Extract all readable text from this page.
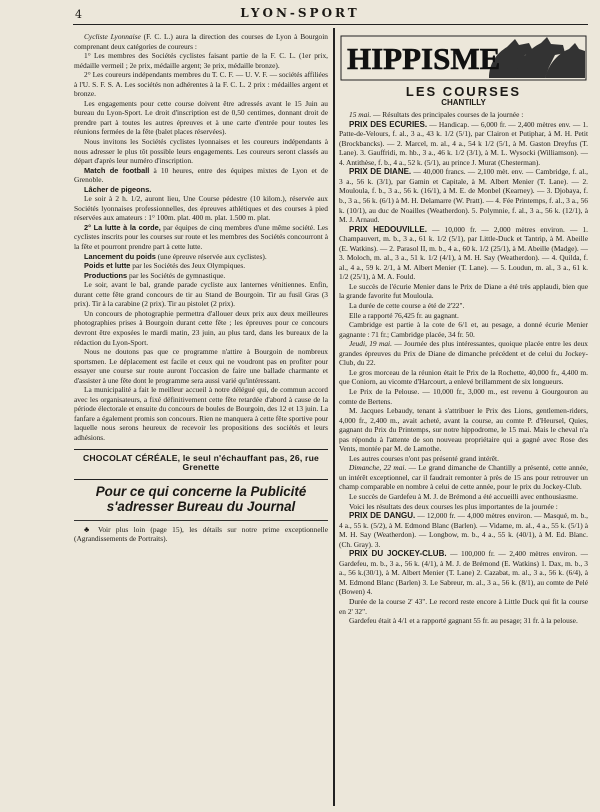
4	LYON-SPORT

Cycliste Lyonnaise (F. C. L.) aura la direction des courses de Lyon à Bourgoin comprenant deux catégories de coureurs :

1° Les membres des Sociétés cyclistes faisant partie de la F. C. L. (1er prix, médaille vermeil ; 2e prix, médaille argent; 3e prix, médaille bronze).

2° Les coureurs indépendants membres du T. C. F. — U. V. F. — sociétés affiliées à l'U. S. F. S. A. Les sociétés non adhérentes à la F. C. L. 2 prix : médailles argent et bronze.

Les engagements pour cette course doivent être adressés avant le 15 Juin au bureau du Lyon-Sport. Le droit d'inscription est de 0,50 centimes, donnant droit de prendre part à toutes les autres épreuves et à une carte d'entrée pour toutes les réunions fermées de la fête (balet places réservées).

Nous invitons les Sociétés cyclistes lyonnaises et les coureurs indépendants à nous adresser le plus tôt possible leurs engagements. Les coureurs seront classés au départ d'après leur numéro d'inscription.

Match de football à 10 heures, entre des équipes mixtes de Lyon et de Grenoble.

Lâcher de pigeons.

Le soir à 2 h. 1/2, auront lieu, Une Course pédestre (10 kilom.), réservée aux Sociétés lyonnaises professionnelles, des épreuves athlétiques et des courses à pied réservées aux amateurs : 1° 100m. plat. 400 m. plat. 1.500 m. plat.

2° La lutte à la corde, par équipes de cinq membres d'une même société. Les cyclistes inscrits pour les courses sur route et les membres des Sociétés concourront à la fête et pourront prendre part à cette lutte.

Lancement du poids (une épreuve réservée aux cyclistes).

Poids et lutte par les Sociétés des Jeux Olympiques.

Productions par les Sociétés de gymnastique.

Le soir, avant le bal, grande parade cycliste aux lanternes vénitiennes. Enfin, durant cette fête grand concours de tir au Stand de Bourgoin. Tir au fusil Gras (3 prix). Tir à la carabine (2 prix). Tir au pistolet (2 prix).

Un concours de photographie permettra d'allouer deux prix aux deux meilleures photographies prises à Bourgoin durant cette fête ; les épreuves pour ce concours devront être exposées le mardi matin, 23 juin, au plus tard, dans les bureaux de la rédaction du Lyon-Sport.

Nous ne doutons pas que ce programme n'attire à Bourgoin de nombreux sportsmen. Le déplacement est facile et ceux qui ne voudront pas en profiter pour essayer une course sur route auront l'occasion de faire une ballade charmante et d'assister à une fête dont le programme sera aussi varié qu'intéressant.

La municipalité a fait le meilleur accueil à notre délégué qui, de commun accord avec les organisateurs, a fixé définitivement cette fête retardée d'abord à cause de la période électorale et ensuite du concours de boules de Bourgoin, des 12 et 13 juin. La fanfare a également promis son concours. Rien ne manquera à cette fête sportive pour laquelle nous serons heureux de recevoir les propositions des sociétés et leurs adhésions.

CHOCOLAT CÉRÉALE, le seul n'échauffant pas, 26, rue Grenette
Pour ce qui concerne la Publicité
s'adresser Bureau du Journal

♣ Voir plus loin (page 15), les détails sur notre prime exceptionnelle (Agrandissements de Portraits).

HIPPISME
LES COURSES
CHANTILLY

15 mai. — Résultats des principales courses de la journée :

PRIX DES ECURIES. — Handicap. — 6,000 fr. — 2,400 mètres env. — 1. Patte-de-Velours, f. al., 3 a., 43 k. 1/2 (5/1), par Clairon et Putiphar, à M. H. Petit (Brockbancks). — 2. Marcel, m. al., 4 a., 54 k 1/2 (5/1, à M. Gaston Dreyfus (T. Lane). 3. Gauffridi, m. hb., 3 a., 46 k. 1/2 (3/1), à M. L. Wysocki (Williamson). — 4. Antithèse, f. b., 4 a., 52 k. (5/1), au prince J. Murat (Chesterman).

PRIX DE DIANE. — 40,000 francs. — 2,100 mèt. env. — Cambridge, f. al., 3 a., 56 k. (3/1), par Gamin et Capitale, à M. Albert Menier (T. Lane). — 2. Mouloula, f. b., 3 a., 56 k. (16/1), à M. E. de Monbel (Kearney). — 3. Djobaya, f. b., 3 a., 56 k. (6/1) à M. H. Delamarre (W. Pratt). — 4. Fée Printemps, f. al., 3 a., 56 k. (10/1), au duc de Noailles (Weatherdon). 5. Polymnie, f. al., 3 a., 56 k. (12/1), à M. J. Arnaud.

PRIX HEDOUVILLE. — 10,000 fr. — 2,000 mètres environ. — 1. Champauvert, m. b., 3 a., 61 k. 1/2 (5/1), par Little-Duck et Tantrip, à M. Abeille (E. Watkins). — 2. Parasol II, m. b., 4 a., 60 k. 1/2 (25/1), à M. Abeille (Madge). — 3. Moloch, m. al., 3 a., 51 k. 1/2 (4/1), à M. H. Say (Weatherdon). — 4. Quilda, f. al., 4 a., 59 k. 2/1, à M. Albert Menier (T. Lane). — 5. Loudun, m. al., 3 a., 61 k. 1/2 (25/1), à M. A. Fould.

Le succès de l'écurie Menier dans le Prix de Diane a été très applaudi, bien que la grande favorite fut Mouloula.

La durée de cette course a été de 2'22".

Elle a rapporté 76,425 fr. au gagnant.

Cambridge est partie à la cote de 6/1 et, au pesage, a donné écurie Menier gagnante : 71 fr.; Cambridge placée, 34 fr. 50.

Jeudi, 19 mai. — Journée des plus intéressantes, quoique placée entre les deux grandes épreuves du Prix de Diane de dimanche précédent et de celui du Jockey-Club, du 22.

Le gros morceau de la réunion était le Prix de la Rochette, 40,000 fr., 4,400 m. que Coniorn, au vicomte d'Harcourt, a enlevé brillamment de six longueurs.

Le Prix de la Pelouse. — 10,000 fr., 3,000 m., est revenu à Gourgouron au comte de Bertens.

M. Jacques Lebaudy, tenant à s'attribuer le Prix des Lions, gentlemen-riders, 4,000 fr., 2,400 m., avait acheté, avant la course, au comte P. d'Heursel, Quies, gagnant du Prix du Printemps, sur notre hippodrome, le 15 mai. Mais le cheval n'a pas répondu à l'attente de son nouveau propriétaire qui a gagné avec Rose des Vents, montée par M. de Lamothe.

Les autres courses n'ont pas présenté grand intérêt.

Dimanche, 22 mai. — Le grand dimanche de Chantilly a présenté, cette année, un intérêt exceptionnel, car il faudrait remonter à près de 15 ans pour retrouver un champ comparable en nombre à celui de cette année, pour le prix du Jockey-Club.

Le succès de Gardefeu à M. J. de Brémond a été accueilli avec enthousiasme.

Voici les résultats des deux courses les plus importantes de la journée :

PRIX DE DANGU. — 12,000 fr. — 4,000 mètres environ. — Masqué, m. b., 4 a., 55 k. (5/2), à M. Edmond Blanc (Barlen). — Vidame, m. al., 4 a., 55 k. (5/1) à M. H. Say (Weatherdon). — Longbow, m. b., 4 a., 55 k. (40/1), à M. Ed. Blanc. (Ch. Gray). 3.

PRIX DU JOCKEY-CLUB. — 100,000 fr. — 2,400 mètres environ. — Gardefeu, m. b., 3 a., 56 k. (4/1), à M. J. de Brémond (E. Watkins) 1. Dax, m. b., 3 a., 56 k.(30/1), à M. Albert Menier (T. Lane) 2. Cazabat, m. al., 3 a., 56 k. (6/4), à M. Edmond Blanc (Barlen) 3. Le Sabreur, m. al., 3 a., 56 k. (8/1), au comte de Pelé (Bowen) 4.

Durée de la course 2' 43". Le record reste encore à Little Duck qui fit la course en 2' 32".

Gardefeu était à 4/1 et a rapporté gagnant 55 fr. au pesage; 31 fr. à la pelouse.
